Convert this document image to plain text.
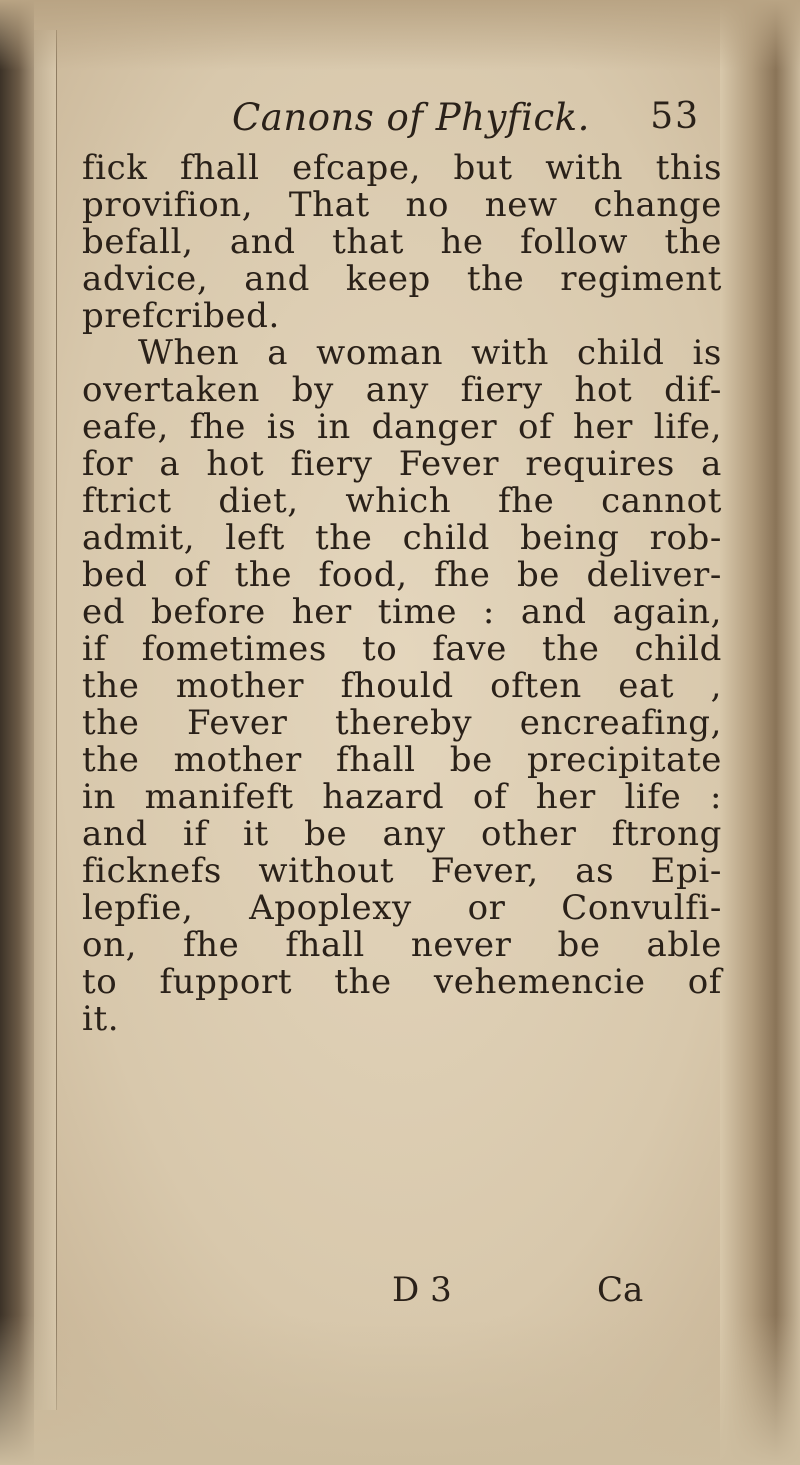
Canons of Phyfick. 53
fick fhall efcape, but with this
provifion, That no new change
befall, and that he follow the
advice, and keep the regiment
prefcribed.
When a woman with child is
overtaken by any fiery hot dif-
eafe, fhe is in danger of her life,
for a hot fiery Fever requires a
ftrict diet, which fhe cannot
admit, left the child being rob-
bed of the food, fhe be deliver-
ed before her time : and again,
if fometimes to fave the child
the mother fhould often eat ,
the Fever thereby encreafing,
the mother fhall be precipitate
in manifeft hazard of her life :
and if it be any other ftrong
ficknefs without Fever, as Epi-
lepfie, Apoplexy or Convulfi-
on, fhe fhall never be able
to fupport the vehemencie of
it.
D 3	Ca
